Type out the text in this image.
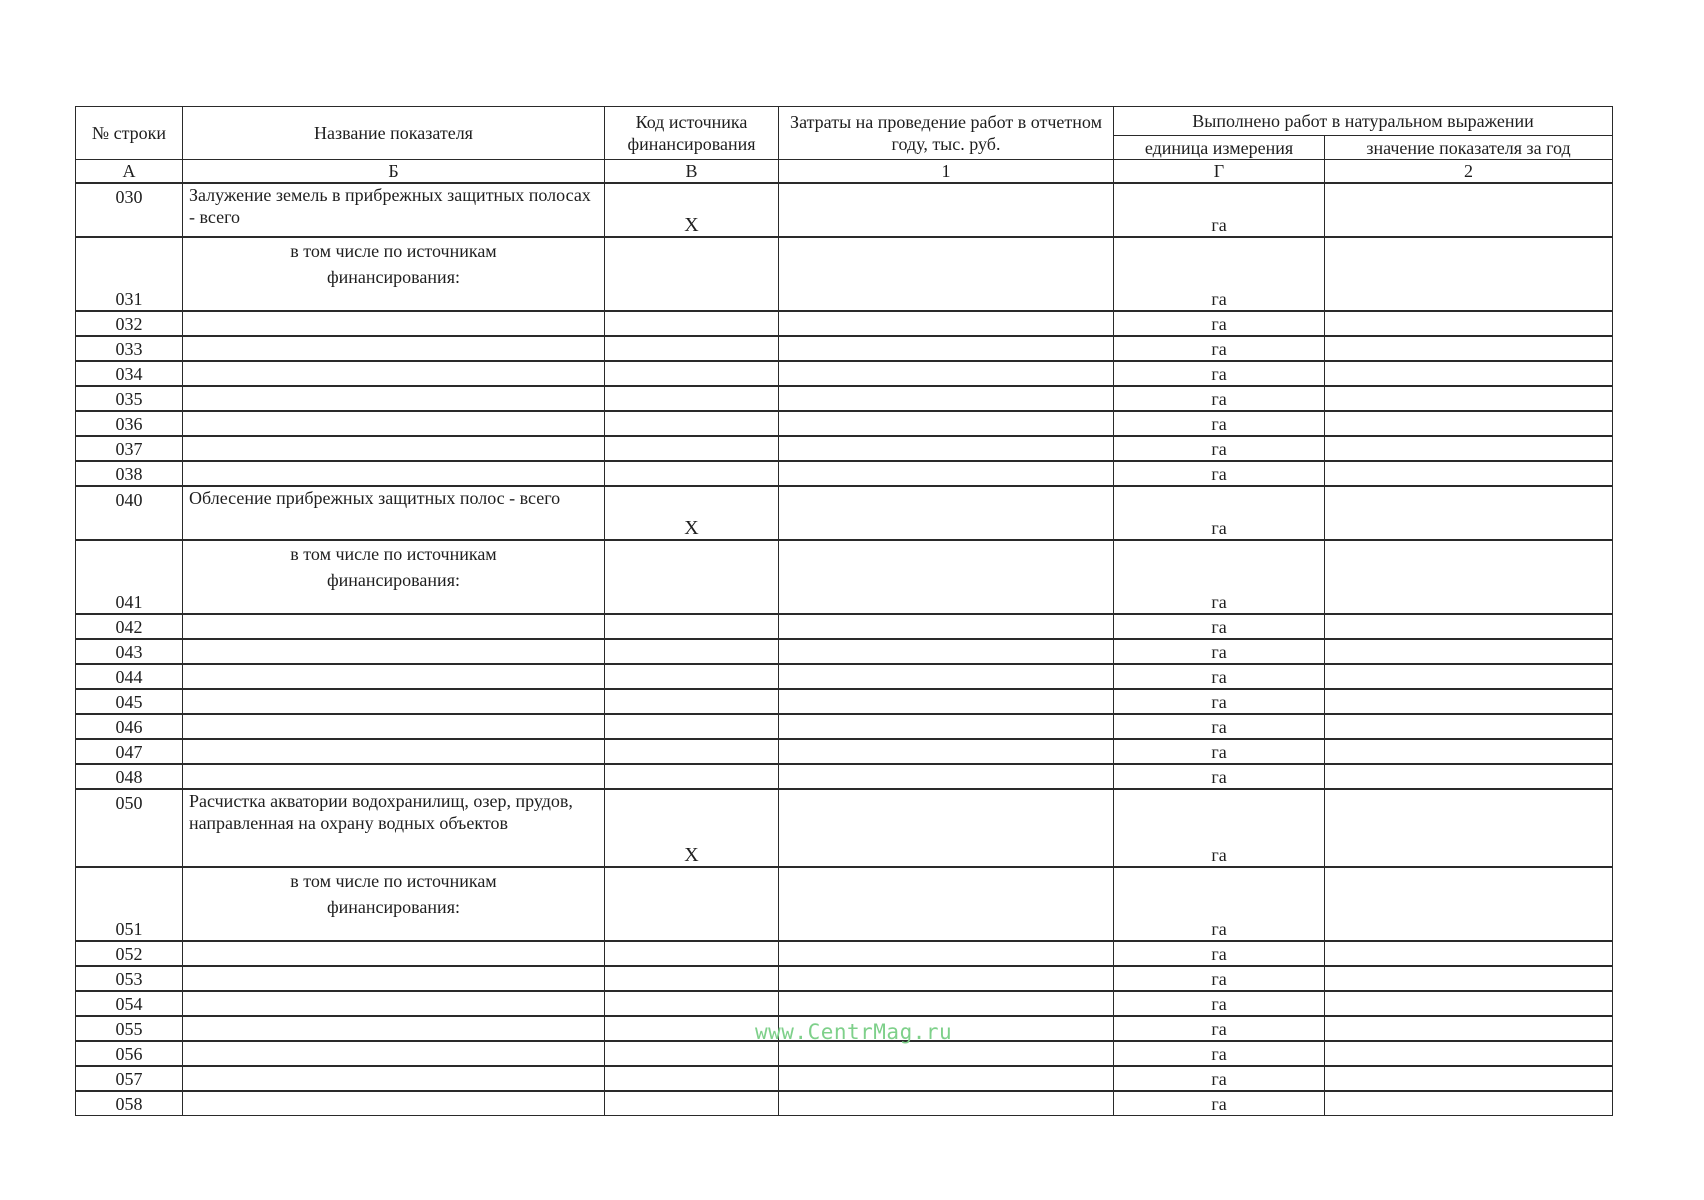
№ строки	Название показателя	Код источника финансирования	Затраты на проведение работ в отчетном году, тыс. руб.	Выполнено работ в натуральном выражении	
				единица измерения	значение показателя за год
А	Б	В	1	Г	2
030	Залужение земель в прибрежных защитных полосах - всего	X		га	
031	в том числе по источникам финансирования:			га	
032				га	
033				га	
034				га	
035				га	
036				га	
037				га	
038				га	
040	Облесение прибрежных защитных полос - всего	X		га	
041	в том числе по источникам финансирования:			га	
042				га	
043				га	
044				га	
045				га	
046				га	
047				га	
048				га	
050	Расчистка акватории водохранилищ, озер, прудов, направленная на охрану водных объектов	X		га	
051	в том числе по источникам финансирования:			га	
052				га	
053				га	
054				га	
055				га	
056				га	
057				га	
058				га	
www.CentrMag.ru
